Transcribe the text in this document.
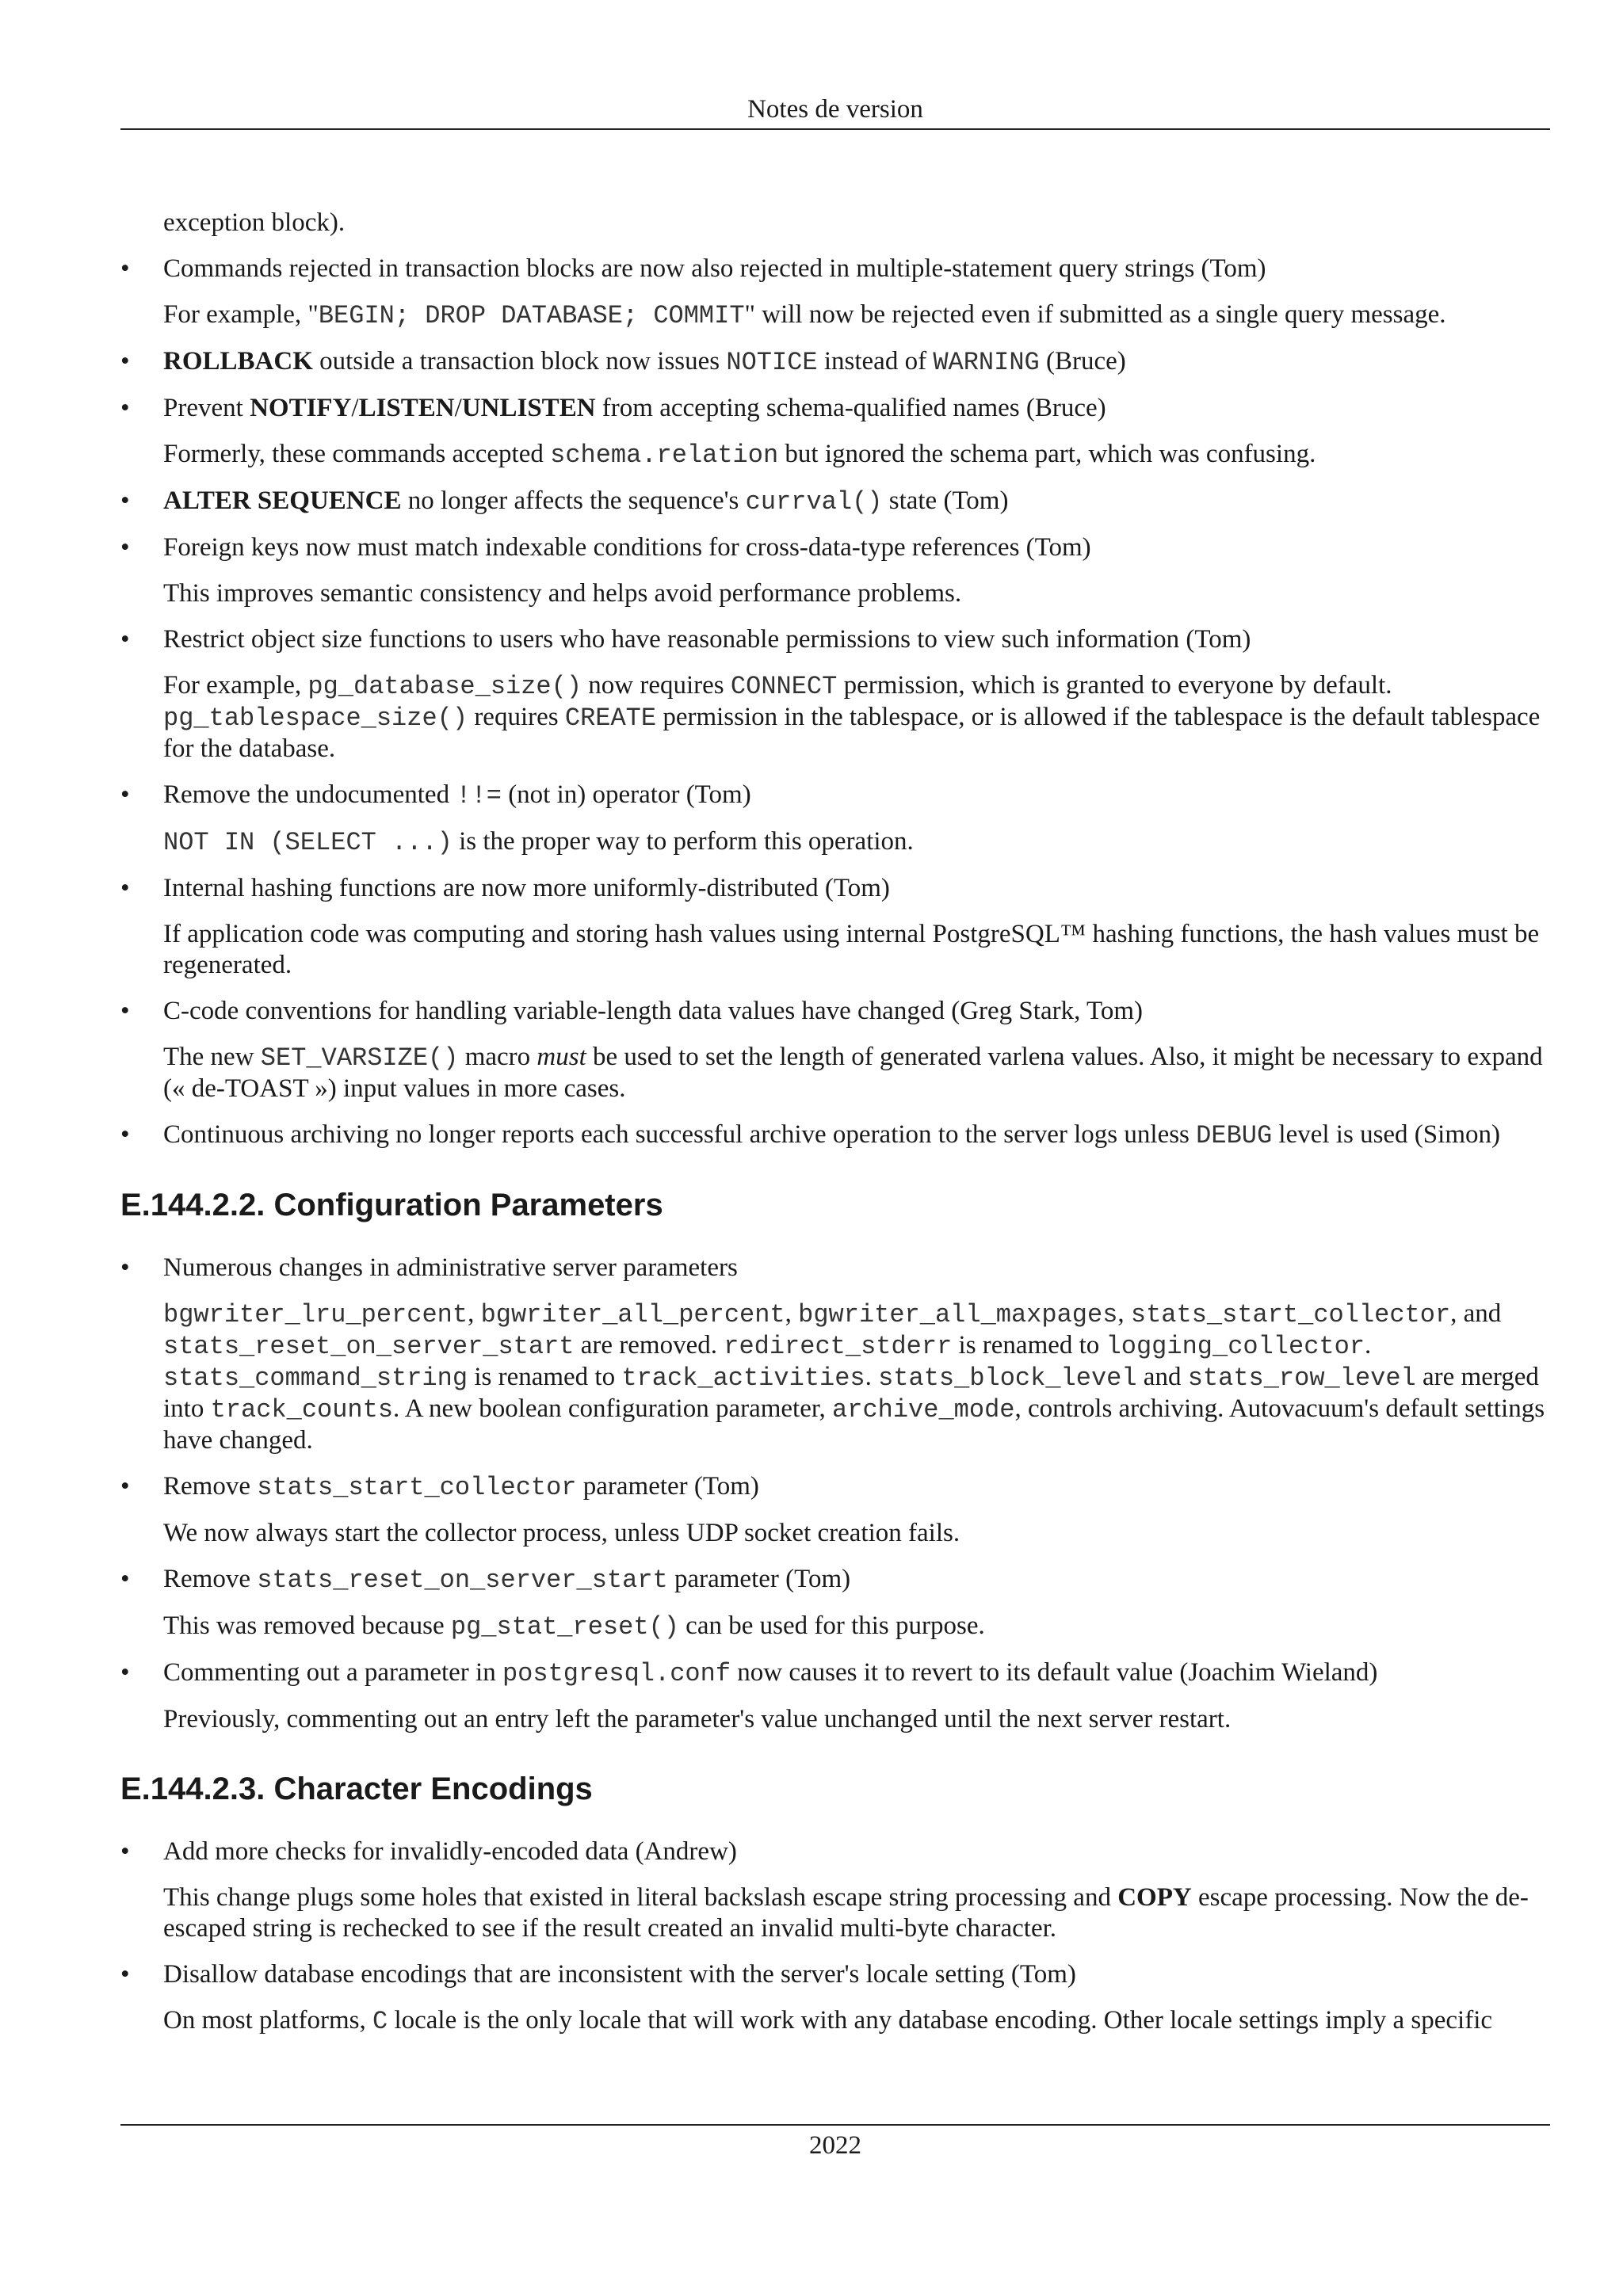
Notes de version

exception block).

•	Commands rejected in transaction blocks are now also rejected in multiple-statement query strings (Tom)

For example, "BEGIN; DROP DATABASE; COMMIT" will now be rejected even if submitted as a single query message.

•	ROLLBACK outside a transaction block now issues NOTICE instead of WARNING (Bruce)
•	Prevent NOTIFY/LISTEN/UNLISTEN from accepting schema-qualified names (Bruce)

Formerly, these commands accepted schema.relation but ignored the schema part, which was confusing.

•	ALTER SEQUENCE no longer affects the sequence's currval() state (Tom)
•	Foreign keys now must match indexable conditions for cross-data-type references (Tom)

This improves semantic consistency and helps avoid performance problems.

•	Restrict object size functions to users who have reasonable permissions to view such information (Tom)

For example, pg_database_size() now requires CONNECT permission, which is granted to everyone by default. pg_tablespace_size() requires CREATE permission in the tablespace, or is allowed if the tablespace is the default tablespace for the database.

•	Remove the undocumented !!= (not in) operator (Tom)

NOT IN (SELECT ...) is the proper way to perform this operation.

•	Internal hashing functions are now more uniformly-distributed (Tom)

If application code was computing and storing hash values using internal PostgreSQL™ hashing functions, the hash values must be regenerated.

•	C-code conventions for handling variable-length data values have changed (Greg Stark, Tom)

The new SET_VARSIZE() macro must be used to set the length of generated varlena values. Also, it might be necessary to expand (« de-TOAST ») input values in more cases.

•	Continuous archiving no longer reports each successful archive operation to the server logs unless DEBUG level is used (Simon)
E.144.2.2. Configuration Parameters
•	Numerous changes in administrative server parameters

bgwriter_lru_percent, bgwriter_all_percent, bgwriter_all_maxpages, stats_start_collector, and stats_reset_on_server_start are removed. redirect_stderr is renamed to logging_collector. stats_command_string is renamed to track_activities. stats_block_level and stats_row_level are merged into track_counts. A new boolean configuration parameter, archive_mode, controls archiving. Autovacuum's default settings have changed.

•	Remove stats_start_collector parameter (Tom)

We now always start the collector process, unless UDP socket creation fails.

•	Remove stats_reset_on_server_start parameter (Tom)

This was removed because pg_stat_reset() can be used for this purpose.

•	Commenting out a parameter in postgresql.conf now causes it to revert to its default value (Joachim Wieland)

Previously, commenting out an entry left the parameter's value unchanged until the next server restart.

E.144.2.3. Character Encodings
•	Add more checks for invalidly-encoded data (Andrew)

This change plugs some holes that existed in literal backslash escape string processing and COPY escape processing. Now the de-escaped string is rechecked to see if the result created an invalid multi-byte character.

•	Disallow database encodings that are inconsistent with the server's locale setting (Tom)

On most platforms, C locale is the only locale that will work with any database encoding. Other locale settings imply a specific

2022
